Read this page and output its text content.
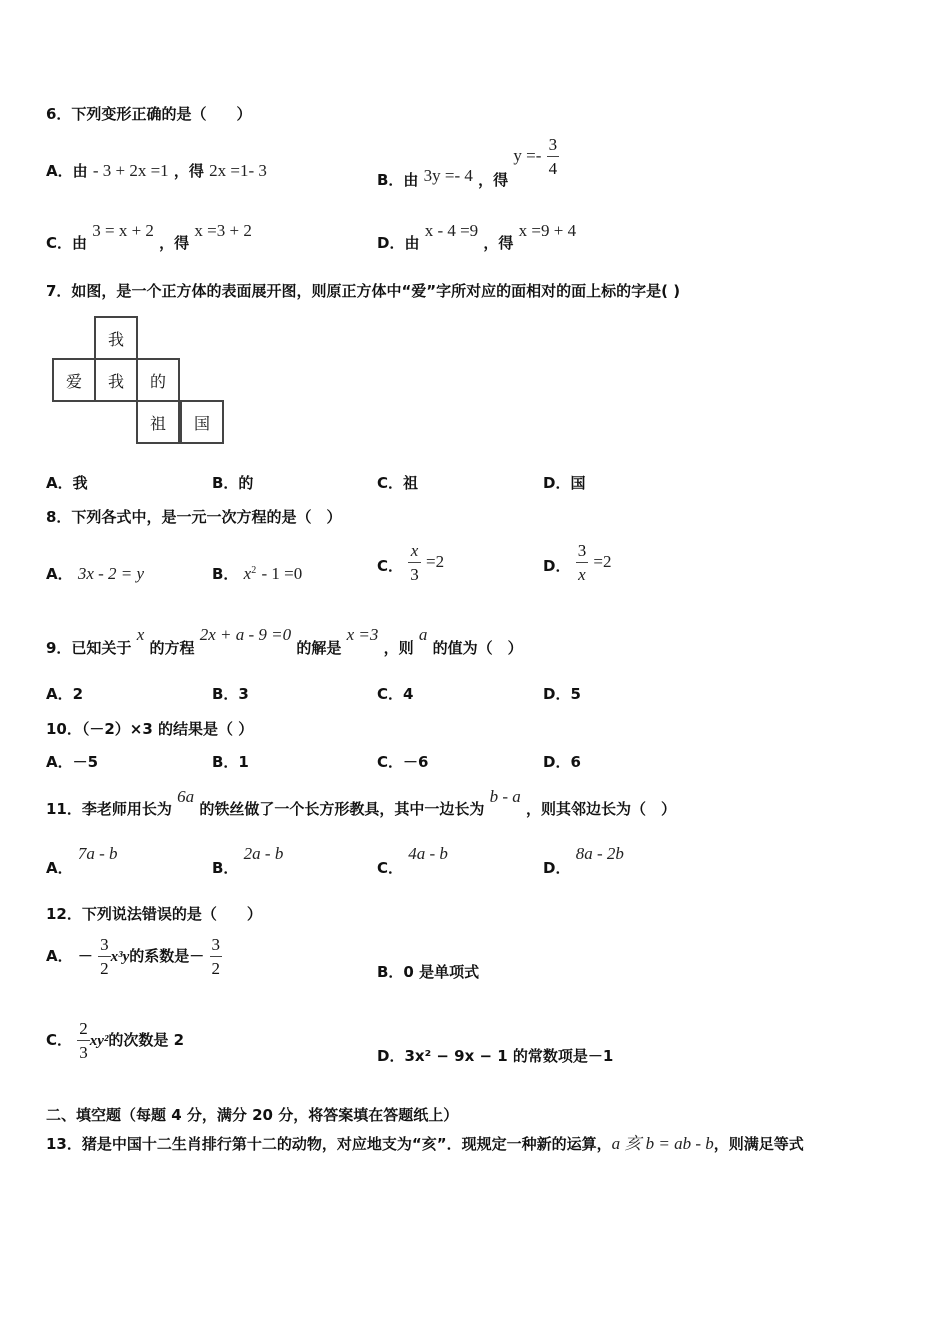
6．下列变形正确的是（　　）
A．由 - 3 + 2x =1 ，得 2x =1- 3	B．由 3y =- 4 ，得 $y =- \frac{3}{4}$
C．由 3 = x + 2 ，得 x =3 + 2
D．由 x - 4 =9 ，得 x =9 + 4
7．如图，是一个正方体的表面展开图，则原正方体中“爱”字所对应的面相对的面上标的字是( )
我
爱	我	的
祖	国
A．我	B．的	C．祖	D．国
8．下列各式中，是一元一次方程的是（　）
A． 3x - 2 = y	B． $x^2 - 1 =0$	C． $\frac{x}{3} =2$	D． $\frac{3}{x} =2$
9．已知关于 x 的方程 2x + a - 9 =0 的解是 x =3 ，则 a 的值为（　）
A．2	B．3	C．4	D．5
10．（－2）×3 的结果是（ ）
A．－5	B．1	C．－6	D．6
11．李老师用长为 6a 的铁丝做了一个长方形教具，其中一边长为 b - a ，则其邻边长为（　）
A． 7a - b
B． 2a - b
C． 4a - b
D． 8a - 2b
12．下列说法错误的是（　　）
A． － $\frac{3}{2} x^3y$的系数是－ $\frac{3}{2}$	B．0 是单项式
C． $\frac{2}{3} xy^2$的次数是 2
D．3x² − 9x − 1 的常数项是－1
二、填空题（每题 4 分，满分 20 分，将答案填在答题纸上）
13．猪是中国十二生肖排行第十二的动物，对应地支为“亥”．现规定一种新的运算，a 亥 b = ab - b，则满足等式
